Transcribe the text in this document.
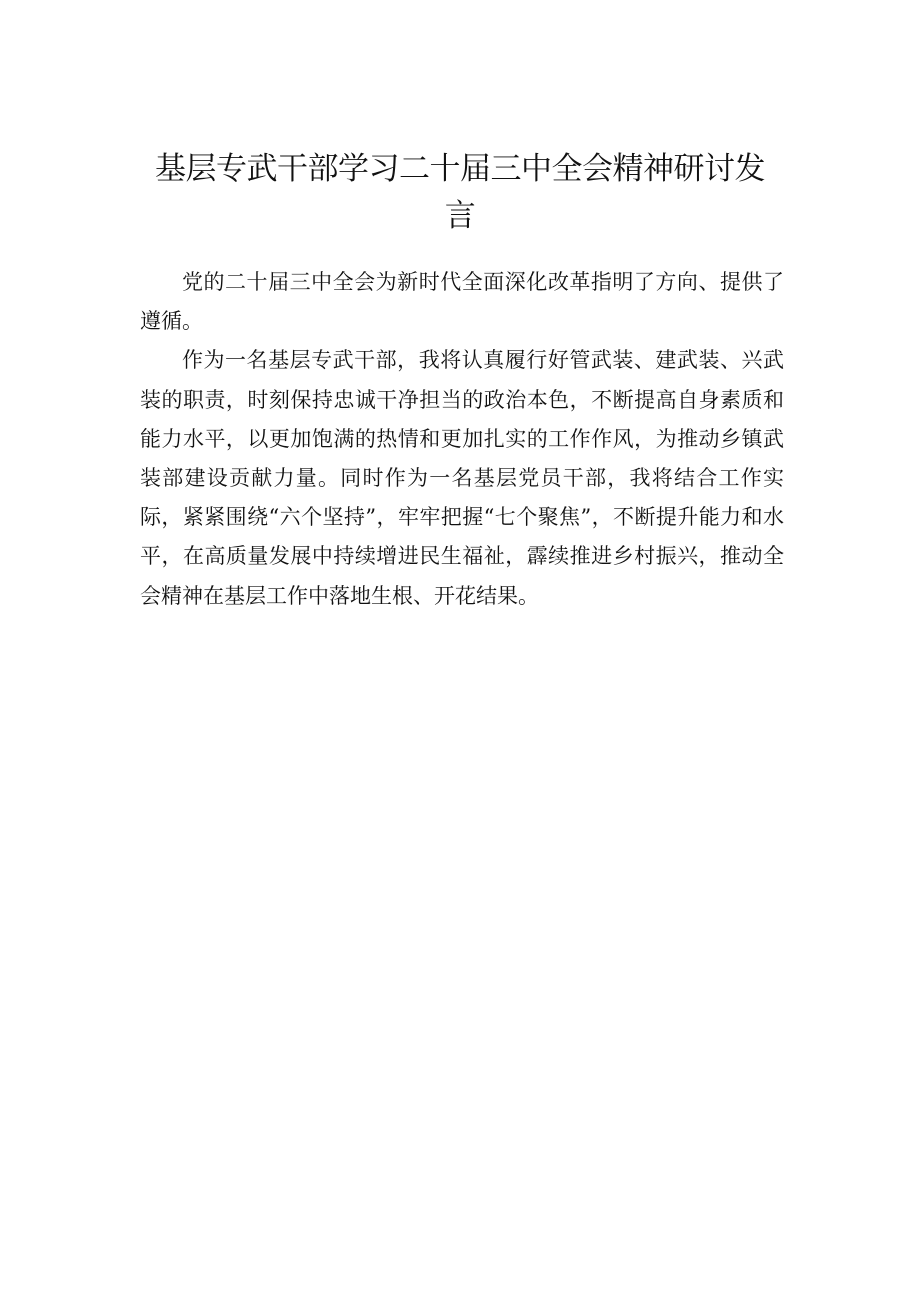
基层专武干部学习二十届三中全会精神研讨发言

党的二十届三中全会为新时代全面深化改革指明了方向、提供了遵循。

作为一名基层专武干部，我将认真履行好管武装、建武装、兴武装的职责，时刻保持忠诚干净担当的政治本色，不断提高自身素质和能力水平，以更加饱满的热情和更加扎实的工作作风，为推动乡镇武装部建设贡献力量。同时作为一名基层党员干部，我将结合工作实际，紧紧围绕“六个坚持”，牢牢把握“七个聚焦”，不断提升能力和水平，在高质量发展中持续增进民生福祉，霹续推进乡村振兴，推动全会精神在基层工作中落地生根、开花结果。
